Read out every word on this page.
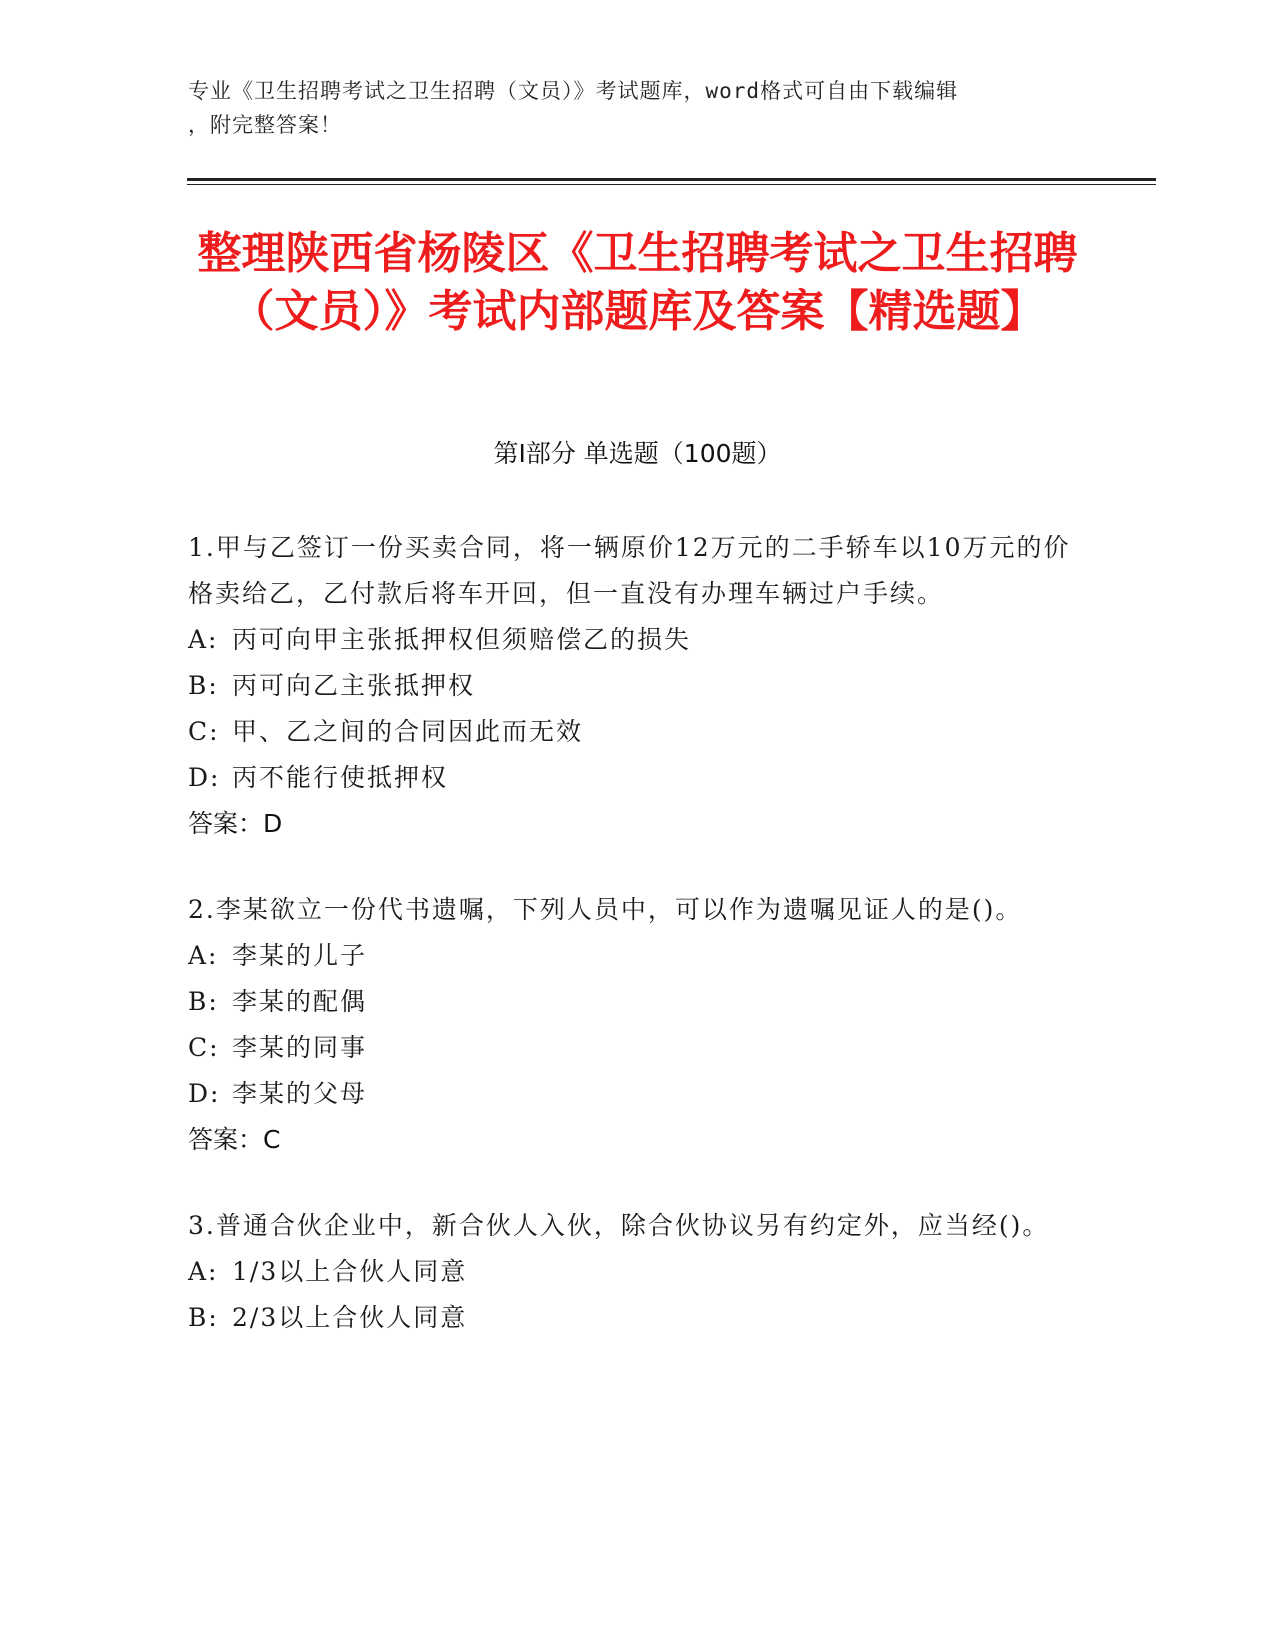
专业《卫生招聘考试之卫生招聘（文员）》考试题库，word格式可自由下载编辑
，附完整答案！
整理陕西省杨陵区《卫生招聘考试之卫生招聘（文员）》考试内部题库及答案【精选题】
第Ⅰ部分 单选题（100题）
1.甲与乙签订一份买卖合同，将一辆原价12万元的二手轿车以10万元的价格卖给乙，乙付款后将车开回，但一直没有办理车辆过户手续。
A: 丙可向甲主张抵押权但须赔偿乙的损失
B: 丙可向乙主张抵押权
C: 甲、乙之间的合同因此而无效
D: 丙不能行使抵押权
答案：D
2.李某欲立一份代书遗嘱，下列人员中，可以作为遗嘱见证人的是()。
A: 李某的儿子
B: 李某的配偶
C: 李某的同事
D: 李某的父母
答案：C
3.普通合伙企业中，新合伙人入伙，除合伙协议另有约定外，应当经()。
A: 1/3以上合伙人同意
B: 2/3以上合伙人同意
